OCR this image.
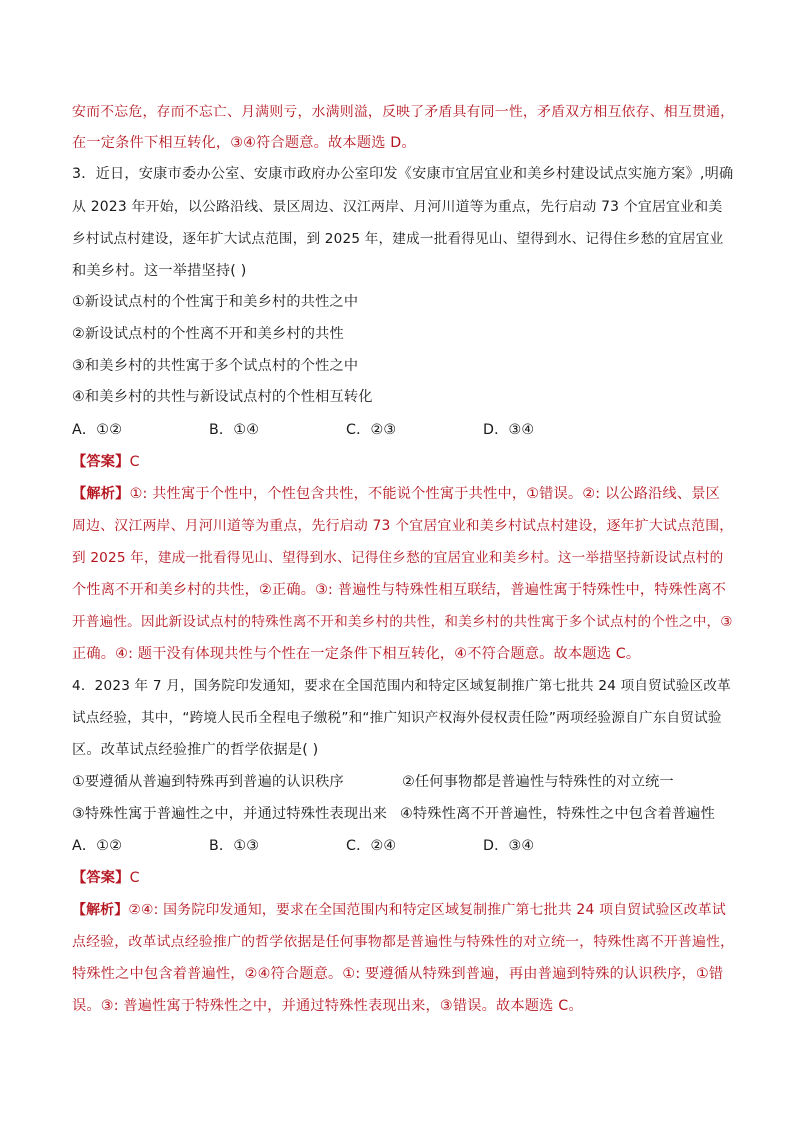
安而不忘危，存而不忘亡、月满则亏，水满则溢，反映了矛盾具有同一性，矛盾双方相互依存、相互贯通，
在一定条件下相互转化，③④符合题意。故本题选 D。
3．近日，安康市委办公室、安康市政府办公室印发《安康市宜居宜业和美乡村建设试点实施方案》,明确
从 2023 年开始，以公路沿线、景区周边、汉江两岸、月河川道等为重点，先行启动 73 个宜居宜业和美
乡村试点村建设，逐年扩大试点范围，到 2025 年，建成一批看得见山、望得到水、记得住乡愁的宜居宜业
和美乡村。这一举措坚持( )
①新设试点村的个性寓于和美乡村的共性之中
②新设试点村的个性离不开和美乡村的共性
③和美乡村的共性寓于多个试点村的个性之中
④和美乡村的共性与新设试点村的个性相互转化
A．①②	B．①④	C．②③	D．③④
【答案】C
【解析】①: 共性寓于个性中，个性包含共性，不能说个性寓于共性中，①错误。②: 以公路沿线、景区
周边、汉江两岸、月河川道等为重点，先行启动 73 个宜居宜业和美乡村试点村建设，逐年扩大试点范围，
到 2025 年，建成一批看得见山、望得到水、记得住乡愁的宜居宜业和美乡村。这一举措坚持新设试点村的
个性离不开和美乡村的共性，②正确。③: 普遍性与特殊性相互联结，普遍性寓于特殊性中，特殊性离不
开普遍性。因此新设试点村的特殊性离不开和美乡村的共性，和美乡村的共性寓于多个试点村的个性之中，③
正确。④: 题干没有体现共性与个性在一定条件下相互转化，④不符合题意。故本题选 C。
4．2023 年 7 月，国务院印发通知，要求在全国范围内和特定区域复制推广第七批共 24 项自贸试验区改革
试点经验，其中，“跨境人民币全程电子缴税”和“推广知识产权海外侵权责任险”两项经验源自广东自贸试验
区。改革试点经验推广的哲学依据是( )
①要遵循从普遍到特殊再到普遍的认识秩序	②任何事物都是普遍性与特殊性的对立统一
③特殊性寓于普遍性之中，并通过特殊性表现出来 ④特殊性离不开普遍性，特殊性之中包含着普遍性
A．①②	B．①③	C．②④	D．③④
【答案】C
【解析】②④: 国务院印发通知，要求在全国范围内和特定区域复制推广第七批共 24 项自贸试验区改革试
点经验，改革试点经验推广的哲学依据是任何事物都是普遍性与特殊性的对立统一，特殊性离不开普遍性，
特殊性之中包含着普遍性，②④符合题意。①: 要遵循从特殊到普遍，再由普遍到特殊的认识秩序，①错
误。③: 普遍性寓于特殊性之中，并通过特殊性表现出来，③错误。故本题选 C。
